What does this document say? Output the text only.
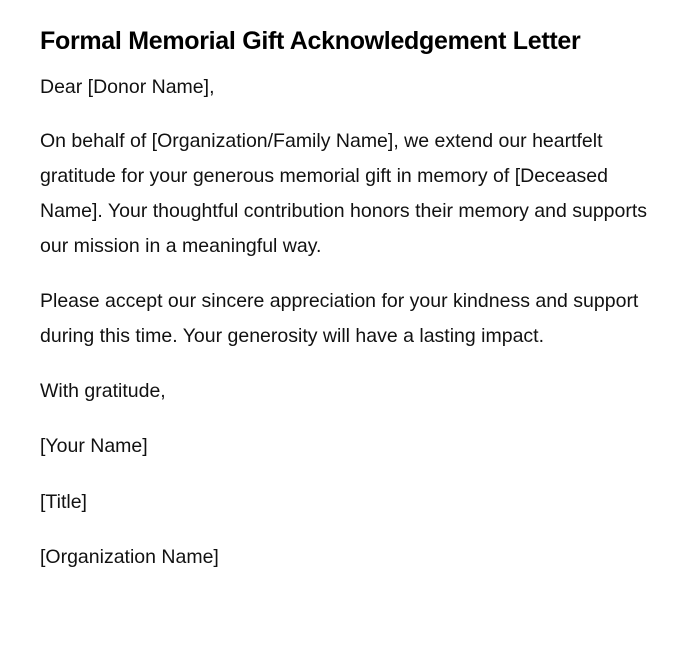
Formal Memorial Gift Acknowledgement Letter

Dear [Donor Name],

On behalf of [Organization/Family Name], we extend our heartfelt gratitude for your generous memorial gift in memory of [Deceased Name]. Your thoughtful contribution honors their memory and supports our mission in a meaningful way.

Please accept our sincere appreciation for your kindness and support during this time. Your generosity will have a lasting impact.

With gratitude,

[Your Name]

[Title]

[Organization Name]
